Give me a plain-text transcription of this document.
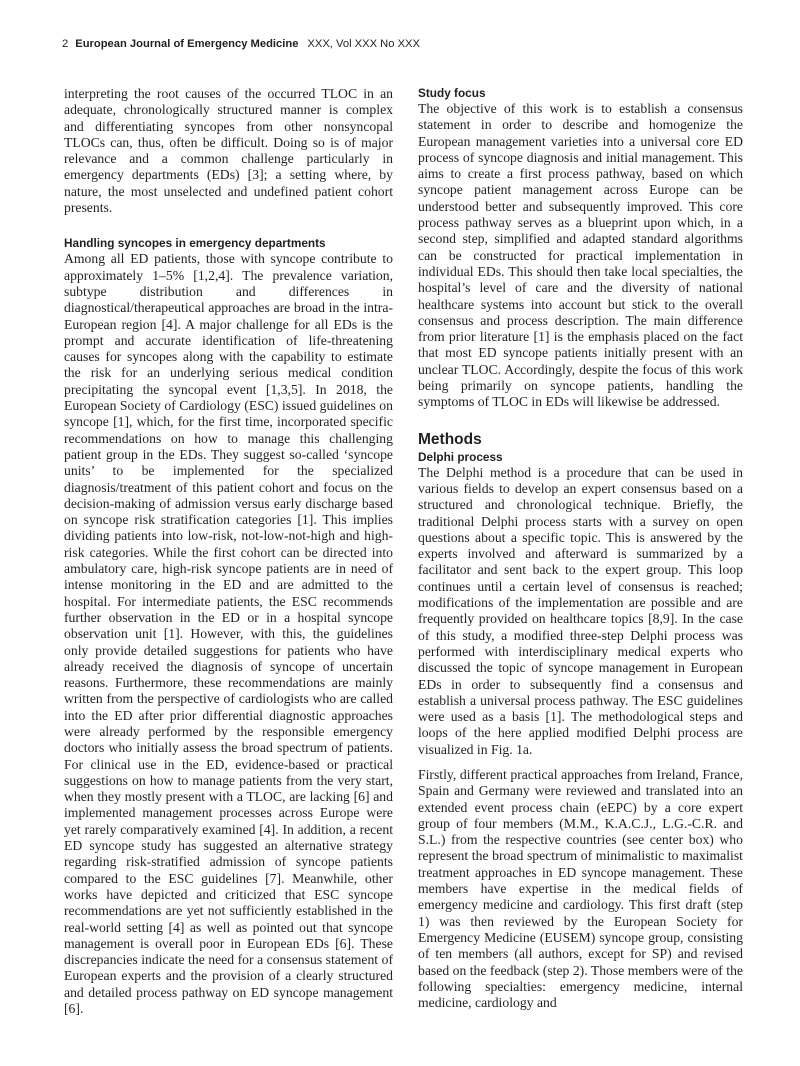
2 European Journal of Emergency Medicine XXX, Vol XXX No XXX

interpreting the root causes of the occurred TLOC in an adequate, chronologically structured manner is complex and differentiating syncopes from other nonsyncopal TLOCs can, thus, often be difficult. Doing so is of major relevance and a common challenge particularly in emergency departments (EDs) [3]; a setting where, by nature, the most unselected and undefined patient cohort presents.

Handling syncopes in emergency departments

Among all ED patients, those with syncope contribute to approximately 1–5% [1,2,4]. The prevalence variation, subtype distribution and differences in diagnostical/therapeutical approaches are broad in the intra-European region [4]. A major challenge for all EDs is the prompt and accurate identification of life-threatening causes for syncopes along with the capability to estimate the risk for an underlying serious medical condition precipitating the syncopal event [1,3,5]. In 2018, the European Society of Cardiology (ESC) issued guidelines on syncope [1], which, for the first time, incorporated specific recommendations on how to manage this challenging patient group in the EDs. They suggest so-called ‘syncope units’ to be implemented for the specialized diagnosis/treatment of this patient cohort and focus on the decision-making of admission versus early discharge based on syncope risk stratification categories [1]. This implies dividing patients into low-risk, not-low-not-high and high-risk categories. While the first cohort can be directed into ambulatory care, high-risk syncope patients are in need of intense monitoring in the ED and are admitted to the hospital. For intermediate patients, the ESC recommends further observation in the ED or in a hospital syncope observation unit [1]. However, with this, the guidelines only provide detailed suggestions for patients who have already received the diagnosis of syncope of uncertain reasons. Furthermore, these recommendations are mainly written from the perspective of cardiologists who are called into the ED after prior differential diagnostic approaches were already performed by the responsible emergency doctors who initially assess the broad spectrum of patients. For clinical use in the ED, evidence-based or practical suggestions on how to manage patients from the very start, when they mostly present with a TLOC, are lacking [6] and implemented management processes across Europe were yet rarely comparatively examined [4]. In addition, a recent ED syncope study has suggested an alternative strategy regarding risk-stratified admission of syncope patients compared to the ESC guidelines [7]. Meanwhile, other works have depicted and criticized that ESC syncope recommendations are yet not sufficiently established in the real-world setting [4] as well as pointed out that syncope management is overall poor in European EDs [6]. These discrepancies indicate the need for a consensus statement of European experts and the provision of a clearly structured and detailed process pathway on ED syncope management [6].

Study focus

The objective of this work is to establish a consensus statement in order to describe and homogenize the European management varieties into a universal core ED process of syncope diagnosis and initial management. This aims to create a first process pathway, based on which syncope patient management across Europe can be understood better and subsequently improved. This core process pathway serves as a blueprint upon which, in a second step, simplified and adapted standard algorithms can be constructed for practical implementation in individual EDs. This should then take local specialties, the hospital’s level of care and the diversity of national healthcare systems into account but stick to the overall consensus and process description. The main difference from prior literature [1] is the emphasis placed on the fact that most ED syncope patients initially present with an unclear TLOC. Accordingly, despite the focus of this work being primarily on syncope patients, handling the symptoms of TLOC in EDs will likewise be addressed.

Methods
Delphi process

The Delphi method is a procedure that can be used in various fields to develop an expert consensus based on a structured and chronological technique. Briefly, the traditional Delphi process starts with a survey on open questions about a specific topic. This is answered by the experts involved and afterward is summarized by a facilitator and sent back to the expert group. This loop continues until a certain level of consensus is reached; modifications of the implementation are possible and are frequently provided on healthcare topics [8,9]. In the case of this study, a modified three-step Delphi process was performed with interdisciplinary medical experts who discussed the topic of syncope management in European EDs in order to subsequently find a consensus and establish a universal process pathway. The ESC guidelines were used as a basis [1]. The methodological steps and loops of the here applied modified Delphi process are visualized in Fig. 1a.

Firstly, different practical approaches from Ireland, France, Spain and Germany were reviewed and translated into an extended event process chain (eEPC) by a core expert group of four members (M.M., K.A.C.J., L.G.-C.R. and S.L.) from the respective countries (see center box) who represent the broad spectrum of minimalistic to maximalist treatment approaches in ED syncope management. These members have expertise in the medical fields of emergency medicine and cardiology. This first draft (step 1) was then reviewed by the European Society for Emergency Medicine (EUSEM) syncope group, consisting of ten members (all authors, except for SP) and revised based on the feedback (step 2). Those members were of the following specialties: emergency medicine, internal medicine, cardiology and
